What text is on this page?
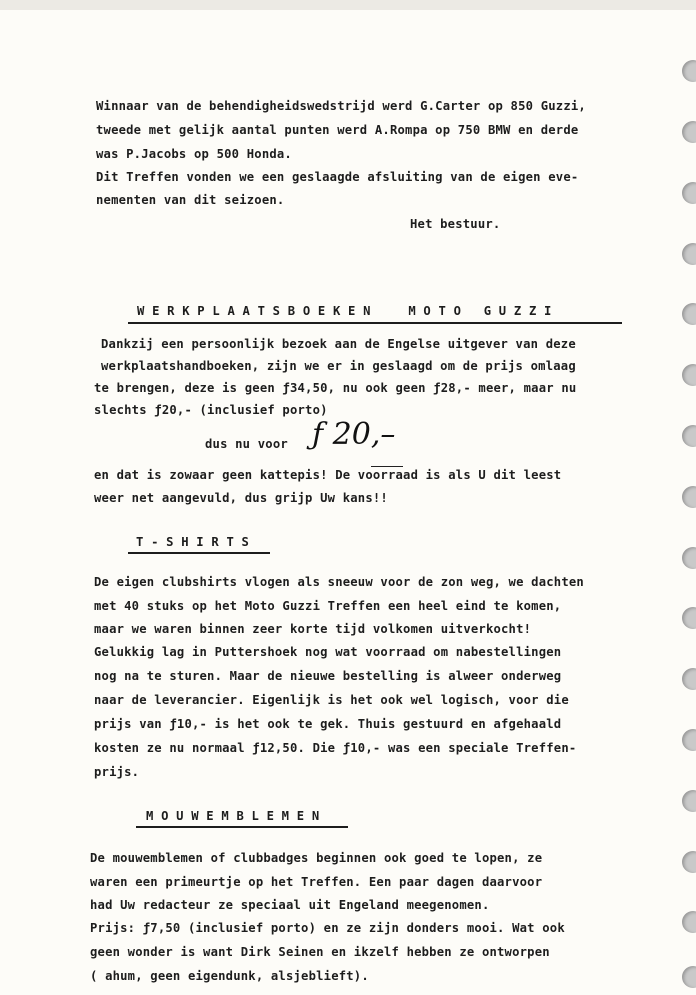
Winnaar van de behendigheidswedstrijd werd G.Carter op 850 Guzzi,

tweede met gelijk aantal punten werd A.Rompa op 750 BMW en derde

was P.Jacobs op 500 Honda.

Dit Treffen vonden we een geslaagde afsluiting van de eigen eve-

nementen van dit seizoen.

Het bestuur.

W E R K P L A A T S B O E K E N     M O T O   G U Z Z I

Dankzij een persoonlijk bezoek aan de Engelse uitgever van deze

werkplaatshandboeken, zijn we er in geslaagd om de prijs omlaag

te brengen, deze is geen ƒ34,50, nu ook geen ƒ28,- meer, maar nu

slechts ƒ20,- (inclusief porto)

dus nu voor ƒ 20,–

en dat is zowaar geen kattepis! De voorraad is als U dit leest

weer net aangevuld, dus grijp Uw kans!!

T - S H I R T S

De eigen clubshirts vlogen als sneeuw voor de zon weg, we dachten

met 40 stuks op het Moto Guzzi Treffen een heel eind te komen,

maar we waren binnen zeer korte tijd volkomen uitverkocht!

Gelukkig lag in Puttershoek nog wat voorraad om nabestellingen

nog na te sturen. Maar de nieuwe bestelling is alweer onderweg

naar de leverancier. Eigenlijk is het ook wel logisch, voor die

prijs van ƒ10,- is het ook te gek. Thuis gestuurd en afgehaald

kosten ze nu normaal ƒ12,50. Die ƒ10,- was een speciale Treffen-

prijs.

M O U W E M B L E M E N

De mouwemblemen of clubbadges beginnen ook goed te lopen, ze

waren een primeurtje op het Treffen. Een paar dagen daarvoor

had Uw redacteur ze speciaal uit Engeland meegenomen.

Prijs: ƒ7,50 (inclusief porto) en ze zijn donders mooi. Wat ook

geen wonder is want Dirk Seinen en ikzelf hebben ze ontworpen

( ahum, geen eigendunk, alsjeblieft).
